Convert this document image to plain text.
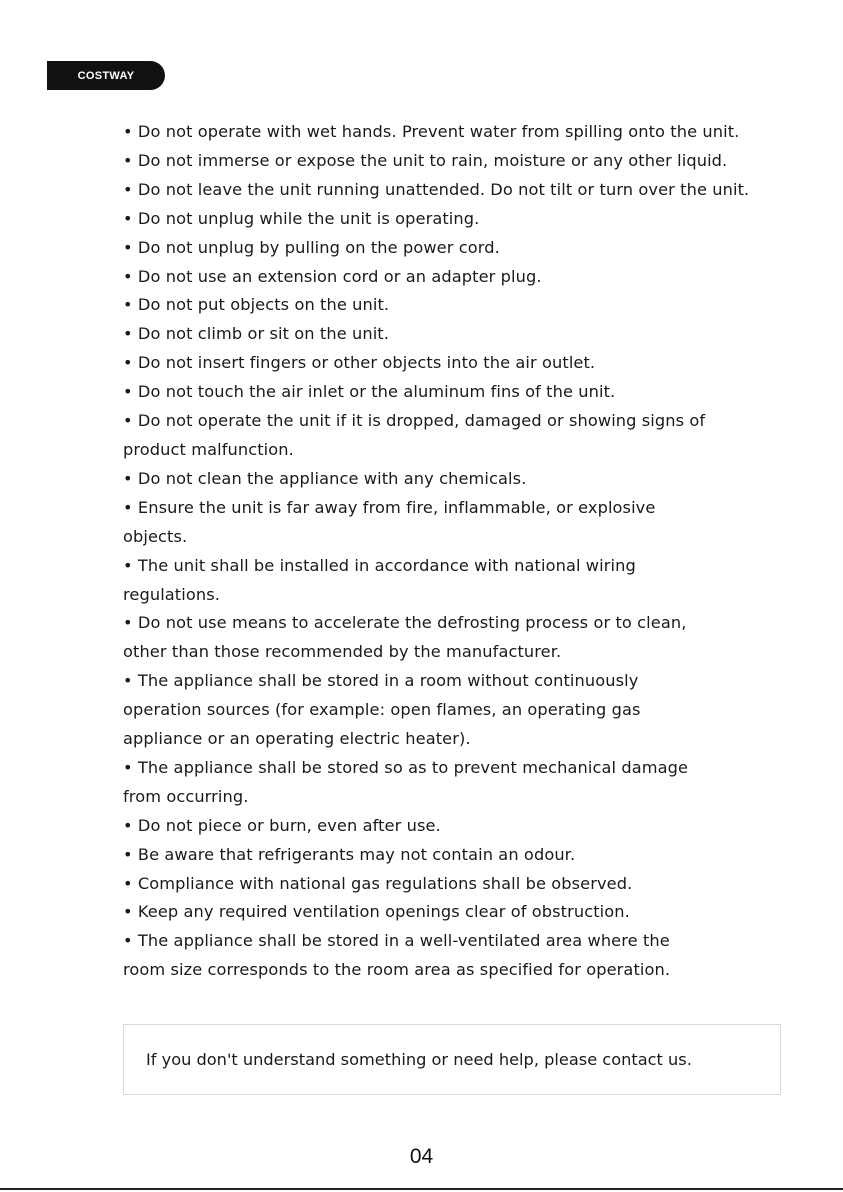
COSTWAY

• Do not operate with wet hands. Prevent water from spilling onto the unit.

• Do not immerse or expose the unit to rain, moisture or any other liquid.

• Do not leave the unit running unattended. Do not tilt or turn over the unit.

• Do not unplug while the unit is operating.

• Do not unplug by pulling on the power cord.

• Do not use an extension cord or an adapter plug.

• Do not put objects on the unit.

• Do not climb or sit on the unit.

• Do not insert fingers or other objects into the air outlet.

• Do not touch the air inlet or the aluminum fins of the unit.

• Do not operate the unit if it is dropped, damaged or showing signs of

product malfunction.

• Do not clean the appliance with any chemicals.

• Ensure the unit is far away from fire, inflammable, or explosive

objects.

• The unit shall be installed in accordance with national wiring

regulations.

• Do not use means to accelerate the defrosting process or to clean,

other than those recommended by the manufacturer.

• The appliance shall be stored in a room without continuously

operation sources (for example: open flames, an operating gas

appliance or an operating electric heater).

• The appliance shall be stored so as to prevent mechanical damage

from occurring.

• Do not piece or burn, even after use.

• Be aware that refrigerants may not contain an odour.

• Compliance with national gas regulations shall be observed.

• Keep any required ventilation openings clear of obstruction.

• The appliance shall be stored in a well-ventilated area where the

room size corresponds to the room area as specified for operation.

If you don't understand something or need help, please contact us.
04
